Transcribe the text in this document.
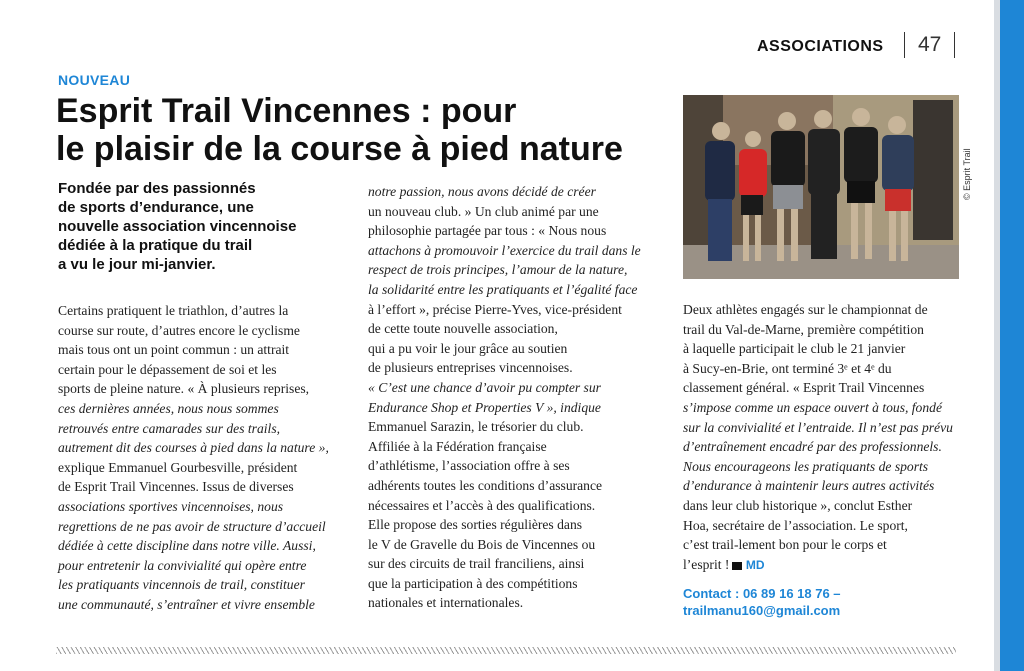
ASSOCIATIONS 47
NOUVEAU
Esprit Trail Vincennes : pour
le plaisir de la course à pied nature
Fondée par des passionnés
de sports d’endurance, une
nouvelle association vincennoise
dédiée à la pratique du trail
a vu le jour mi-janvier.
Certains pratiquent le triathlon, d’autres la
course sur route, d’autres encore le cyclisme
mais tous ont un point commun : un attrait
certain pour le dépassement de soi et les
sports de pleine nature. « À plusieurs reprises,
ces dernières années, nous nous sommes
retrouvés entre camarades sur des trails,
autrement dit des courses à pied dans la nature »,
explique Emmanuel Gourbesville, président
de Esprit Trail Vincennes. Issus de diverses
associations sportives vincennoises, nous
regrettions de ne pas avoir de structure d’accueil
dédiée à cette discipline dans notre ville. Aussi,
pour entretenir la convivialité qui opère entre
les pratiquants vincennois de trail, constituer
une communauté, s’entraîner et vivre ensemble
notre passion, nous avons décidé de créer
un nouveau club. » Un club animé par une
philosophie partagée par tous : « Nous nous
attachons à promouvoir l’exercice du trail dans le
respect de trois principes, l’amour de la nature,
la solidarité entre les pratiquants et l’égalité face
à l’effort », précise Pierre-Yves, vice-président
de cette toute nouvelle association,
qui a pu voir le jour grâce au soutien
de plusieurs entreprises vincennoises.
« C’est une chance d’avoir pu compter sur
Endurance Shop et Properties V », indique
Emmanuel Sarazin, le trésorier du club.
Affiliée à la Fédération française
d’athlétisme, l’association offre à ses
adhérents toutes les conditions d’assurance
nécessaires et l’accès à des qualifications.
Elle propose des sorties régulières dans
le V de Gravelle du Bois de Vincennes ou
sur des circuits de trail franciliens, ainsi
que la participation à des compétitions
nationales et internationales.
© Esprit Trail
Deux athlètes engagés sur le championnat de
trail du Val-de-Marne, première compétition
à laquelle participait le club le 21 janvier
à Sucy-en-Brie, ont terminé 3ᵉ et 4ᵉ du
classement général. « Esprit Trail Vincennes
s’impose comme un espace ouvert à tous, fondé
sur la convivialité et l’entraide. Il n’est pas prévu
d’entraînement encadré par des professionnels.
Nous encourageons les pratiquants de sports
d’endurance à maintenir leurs autres activités
dans leur club historique », conclut Esther
Hoa, secrétaire de l’association. Le sport,
c’est trail-lement bon pour le corps et
l’esprit ! MD
Contact : 06 89 16 18 76 –
trailmanu160@gmail.com
